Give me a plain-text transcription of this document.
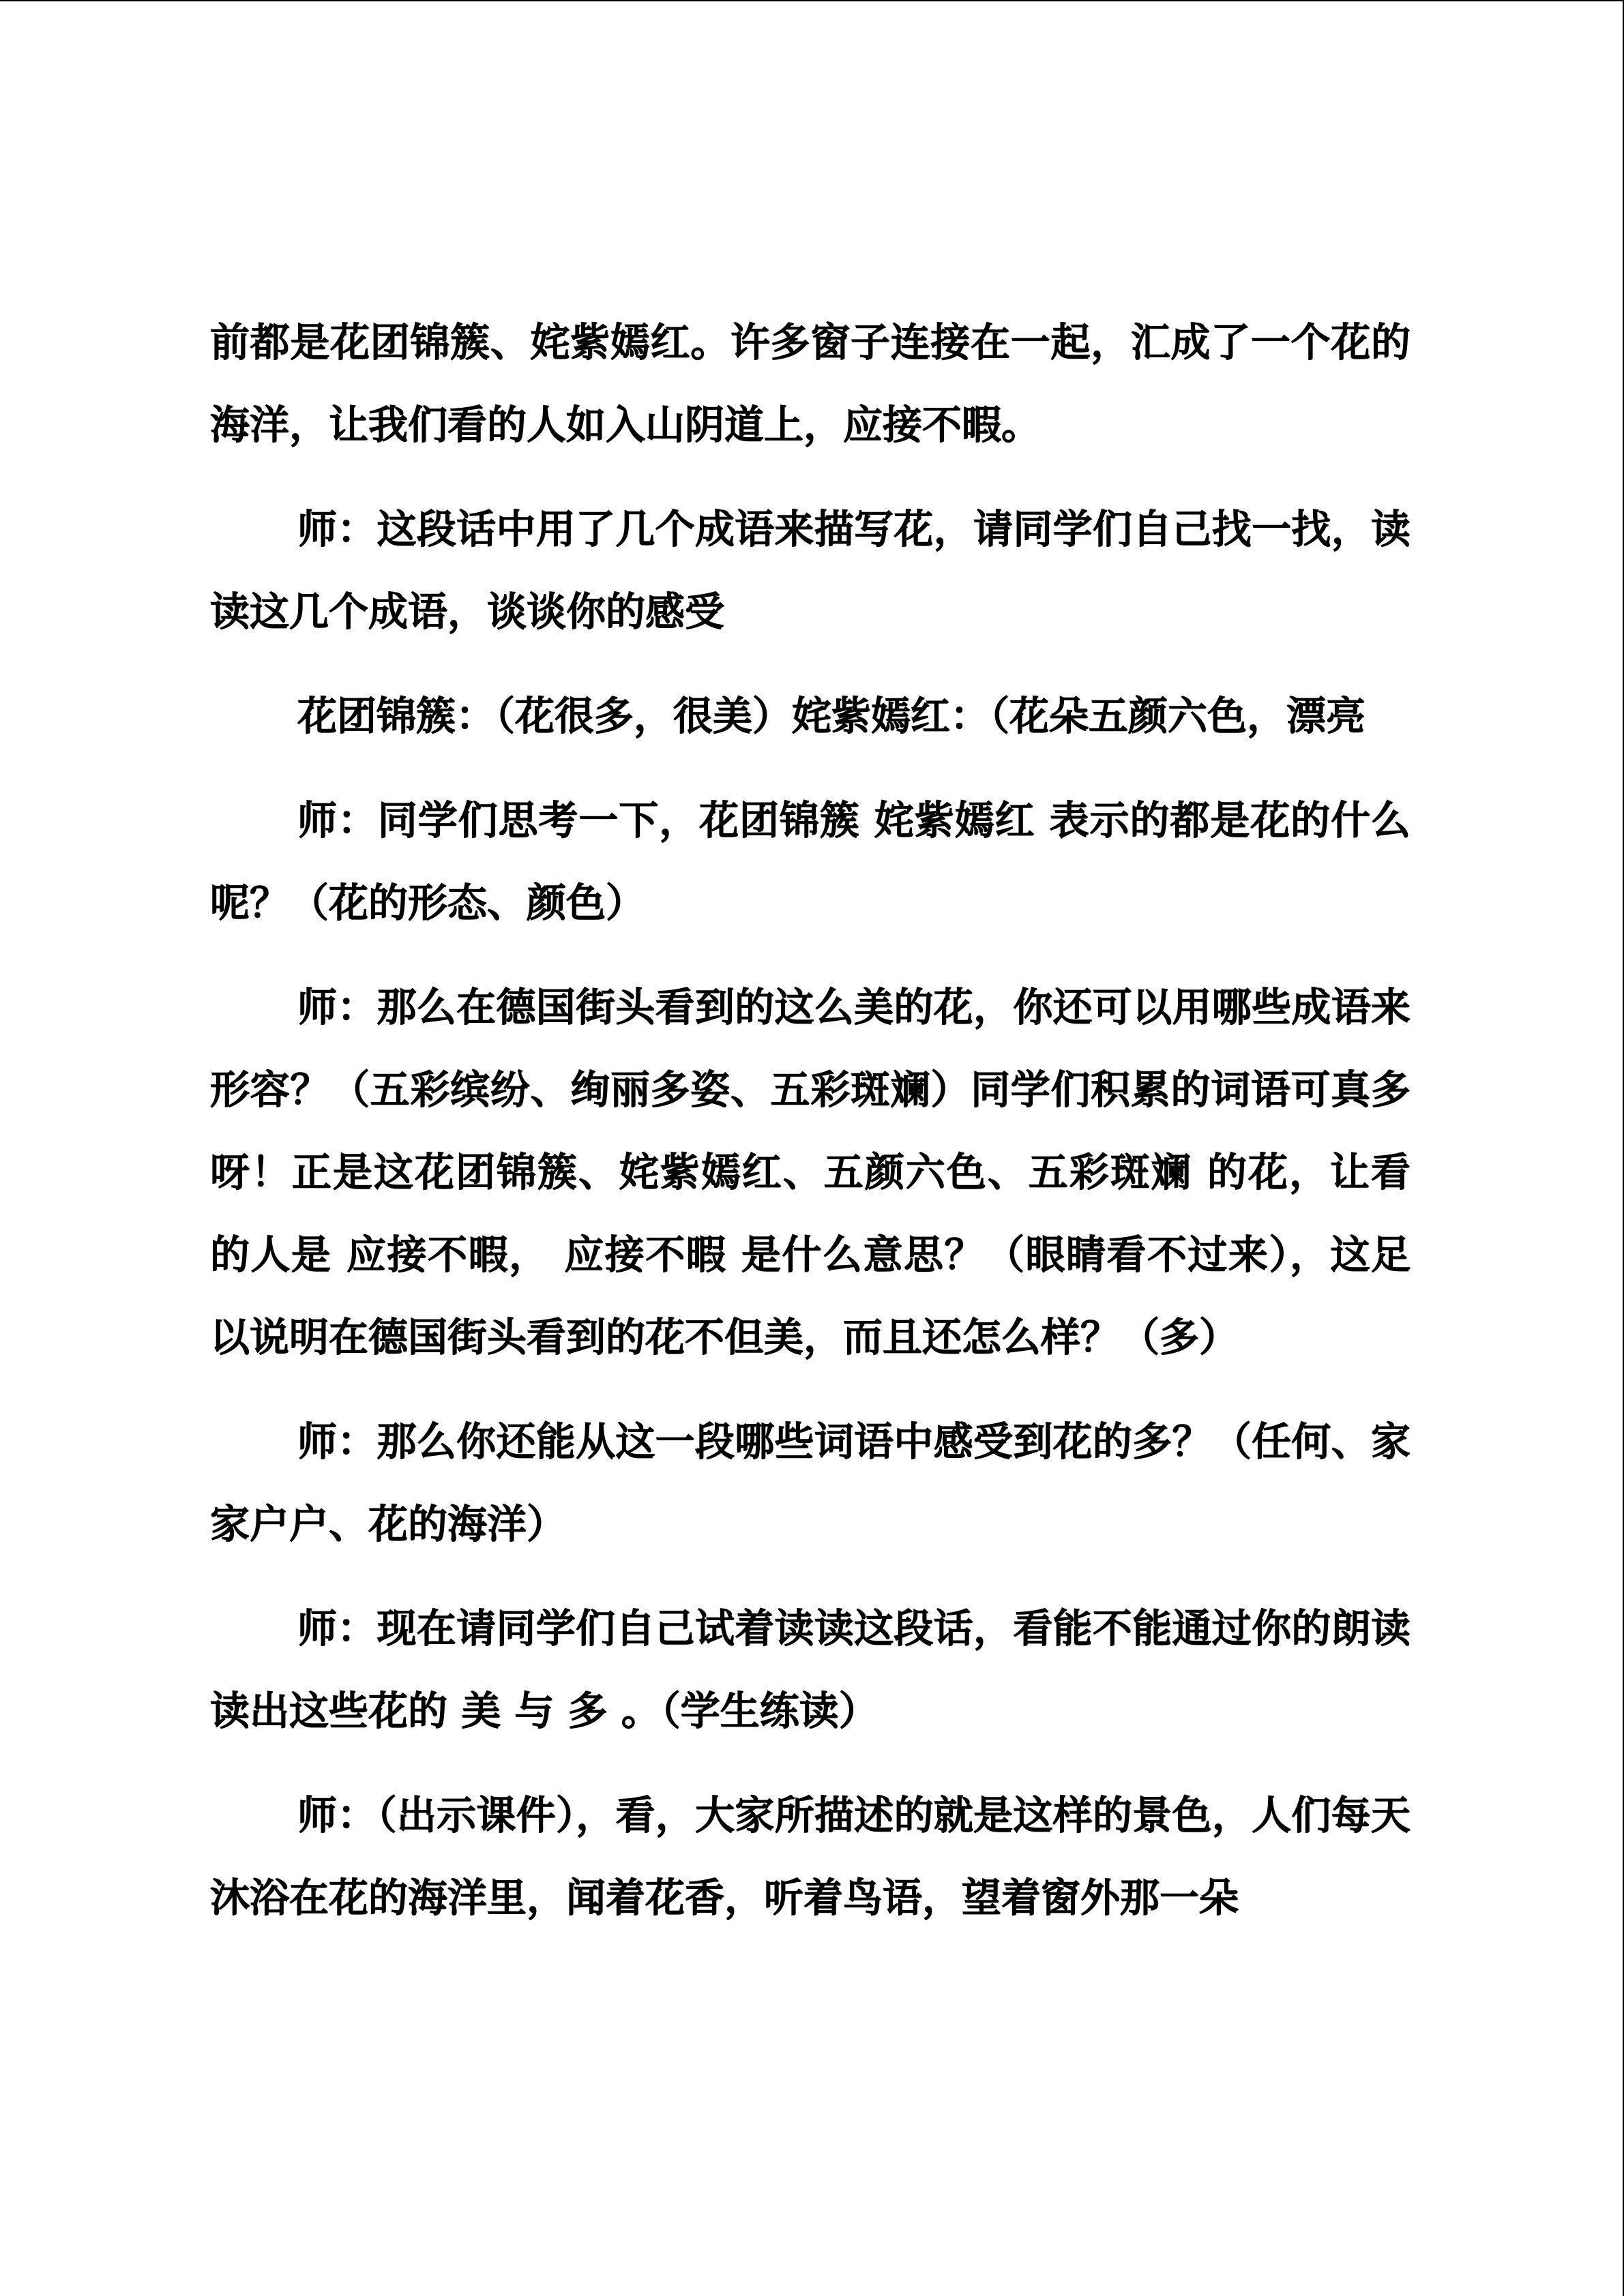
前都是花团锦簇、姹紫嫣红。许多窗子连接在一起，汇成了一个花的海洋，让我们看的人如入山阴道上，应接不暇。

师：这段话中用了几个成语来描写花，请同学们自己找一找，读读这几个成语，谈谈你的感受

花团锦簇：（花很多，很美）姹紫嫣红：（花朵五颜六色，漂亮

师：同学们思考一下，花团锦簇 姹紫嫣红 表示的都是花的什么呢？（花的形态、颜色）

师：那么在德国街头看到的这么美的花，你还可以用哪些成语来形容？（五彩缤纷、绚丽多姿、五彩斑斓）同学们积累的词语可真多呀！正是这花团锦簇、姹紫嫣红、五颜六色、五彩斑斓 的花，让看的人是 应接不暇， 应接不暇 是什么意思？（眼睛看不过来），这足以说明在德国街头看到的花不但美，而且还怎么样？（多）

师：那么你还能从这一段哪些词语中感受到花的多？（任何、家家户户、花的海洋）

师：现在请同学们自己试着读读这段话，看能不能通过你的朗读读出这些花的 美 与 多 。（学生练读）

师：（出示课件），看，大家所描述的就是这样的景色，人们每天沐浴在花的海洋里，闻着花香，听着鸟语，望着窗外那一朵
